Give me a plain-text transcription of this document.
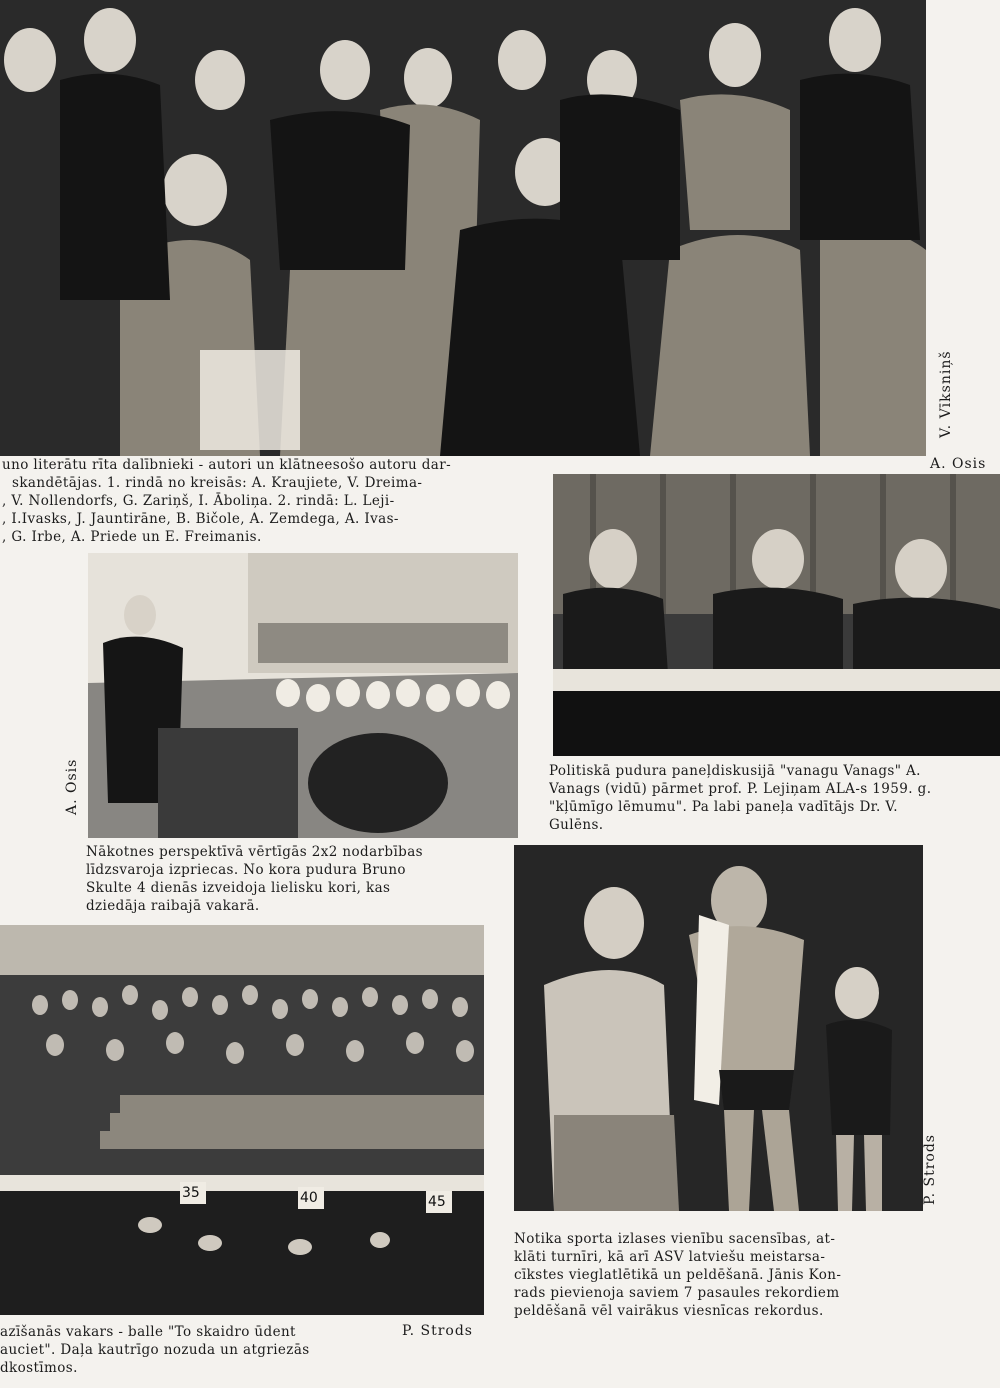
V. Vīksniņš
A. Osis
uno literātu rīta dalībnieki - autori un klātneesošo autoru dar-
skandētājas. 1. rindā no kreisās: A. Kraujiete, V. Dreima-
, V. Nollendorfs, G. Zariņš, I. Āboliņa. 2. rindā: L. Leji-
, I.Ivasks, J. Jauntirāne, B. Bičole, A. Zemdega, A. Ivas-
, G. Irbe, A. Priede un E. Freimanis.
Politiskā pudura paneļdiskusijā "vanagu Vanags" A.
Vanags (vidū) pārmet prof. P. Lejiņam ALA-s 1959. g.
"kļūmīgo lēmumu". Pa labi paneļa vadītājs Dr. V.
Gulēns.
A. Osis
Nākotnes perspektīvā vērtīgās 2x2 nodarbības
līdzsvaroja izpriecas. No kora pudura Bruno
Skulte 4 dienās izveidoja lielisku kori, kas
dziedāja raibajā vakarā.
P. Strods
Notika sporta izlases vienību sacensības, at-
klāti turnīri, kā arī ASV latviešu meistarsa-
cīkstes vieglatlētikā un peldēšanā. Jānis Kon-
rads pievienoja saviem 7 pasaules rekordiem
peldēšanā vēl vairākus viesnīcas rekordus.
35	40	45
azīšanās vakars - balle "To skaidro ūdent
auciet". Daļa kautrīgo nozuda un atgriezās
dkostīmos.
P. Strods
